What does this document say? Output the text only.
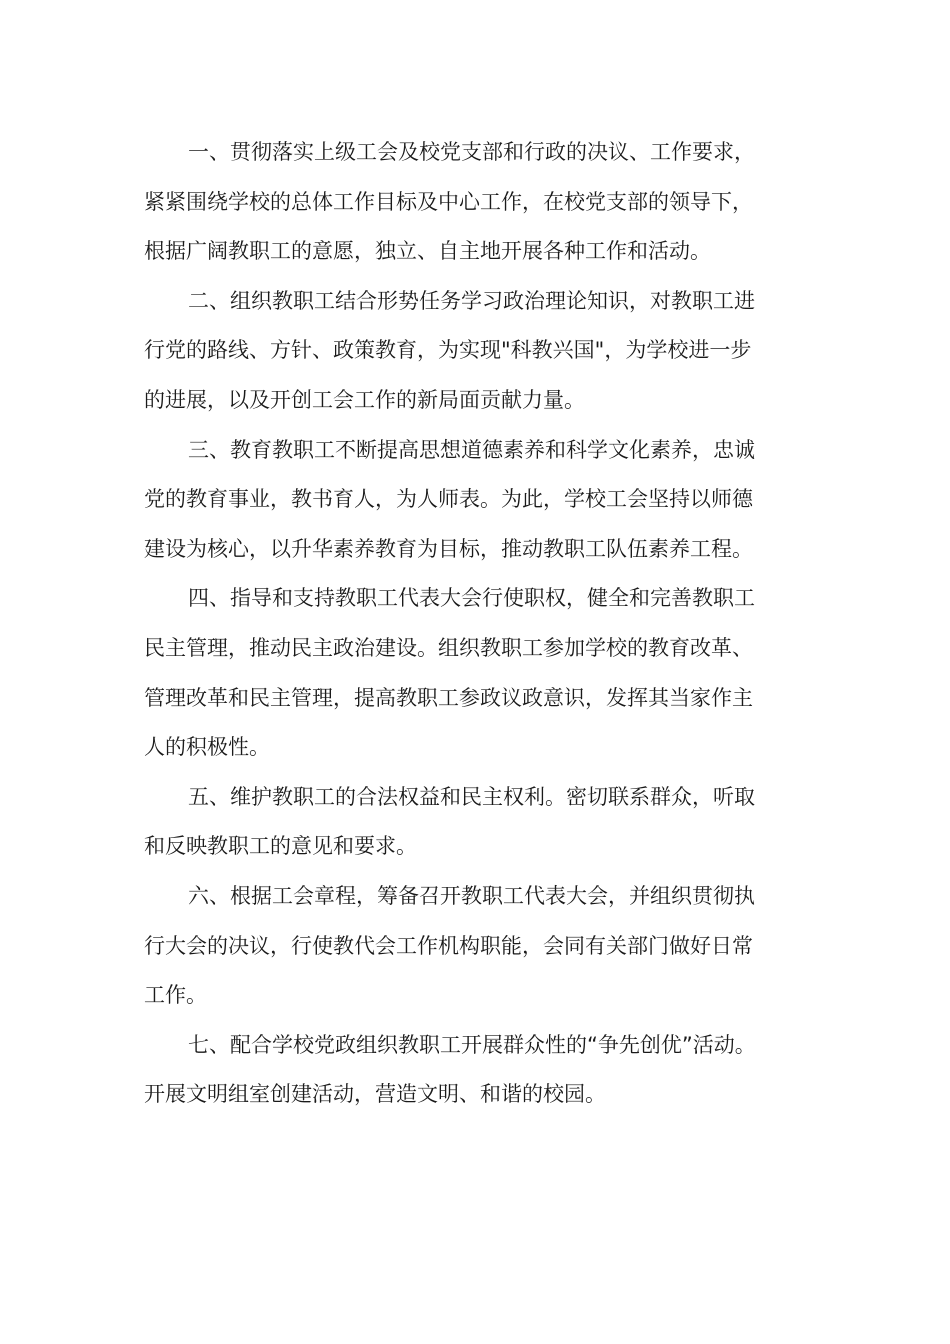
一、贯彻落实上级工会及校党支部和行政的决议、工作要求，
紧紧围绕学校的总体工作目标及中心工作，在校党支部的领导下，
根据广阔教职工的意愿，独立、自主地开展各种工作和活动。

二、组织教职工结合形势任务学习政治理论知识，对教职工进
行党的路线、方针、政策教育，为实现"科教兴国"，为学校进一步
的进展，以及开创工会工作的新局面贡献力量。

三、教育教职工不断提高思想道德素养和科学文化素养，忠诚
党的教育事业，教书育人，为人师表。为此，学校工会坚持以师德
建设为核心，以升华素养教育为目标，推动教职工队伍素养工程。

四、指导和支持教职工代表大会行使职权，健全和完善教职工
民主管理，推动民主政治建设。组织教职工参加学校的教育改革、
管理改革和民主管理，提高教职工参政议政意识，发挥其当家作主
人的积极性。

五、维护教职工的合法权益和民主权利。密切联系群众，听取
和反映教职工的意见和要求。

六、根据工会章程，筹备召开教职工代表大会，并组织贯彻执
行大会的决议，行使教代会工作机构职能，会同有关部门做好日常
工作。

七、配合学校党政组织教职工开展群众性的“争先创优”活动。
开展文明组室创建活动，营造文明、和谐的校园。
